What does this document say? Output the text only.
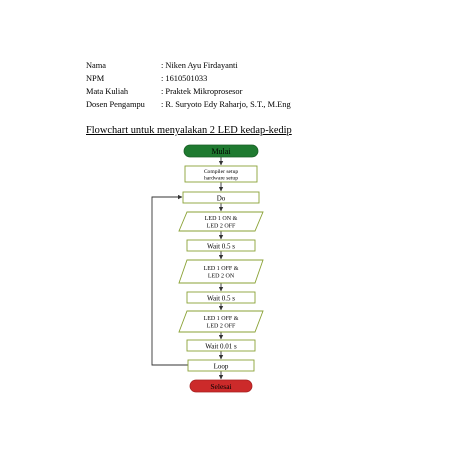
Nama	: Niken Ayu Firdayanti
NPM	: 1610501033
Mata Kuliah	: Praktek Mikroprosesor
Dosen Pengampu : R. Suryoto Edy Raharjo, S.T., M.Eng
Flowchart untuk menyalakan 2 LED kedap-kedip
Mulai
Compiler setup
hardware setup
Do
LED 1 ON &
LED 2 OFF
Wait 0.5 s
LED 1 OFF &
LED 2 ON
Wait 0.5 s
LED 1 OFF &
LED 2 OFF
Wait 0.01 s
Loop
Selesai
